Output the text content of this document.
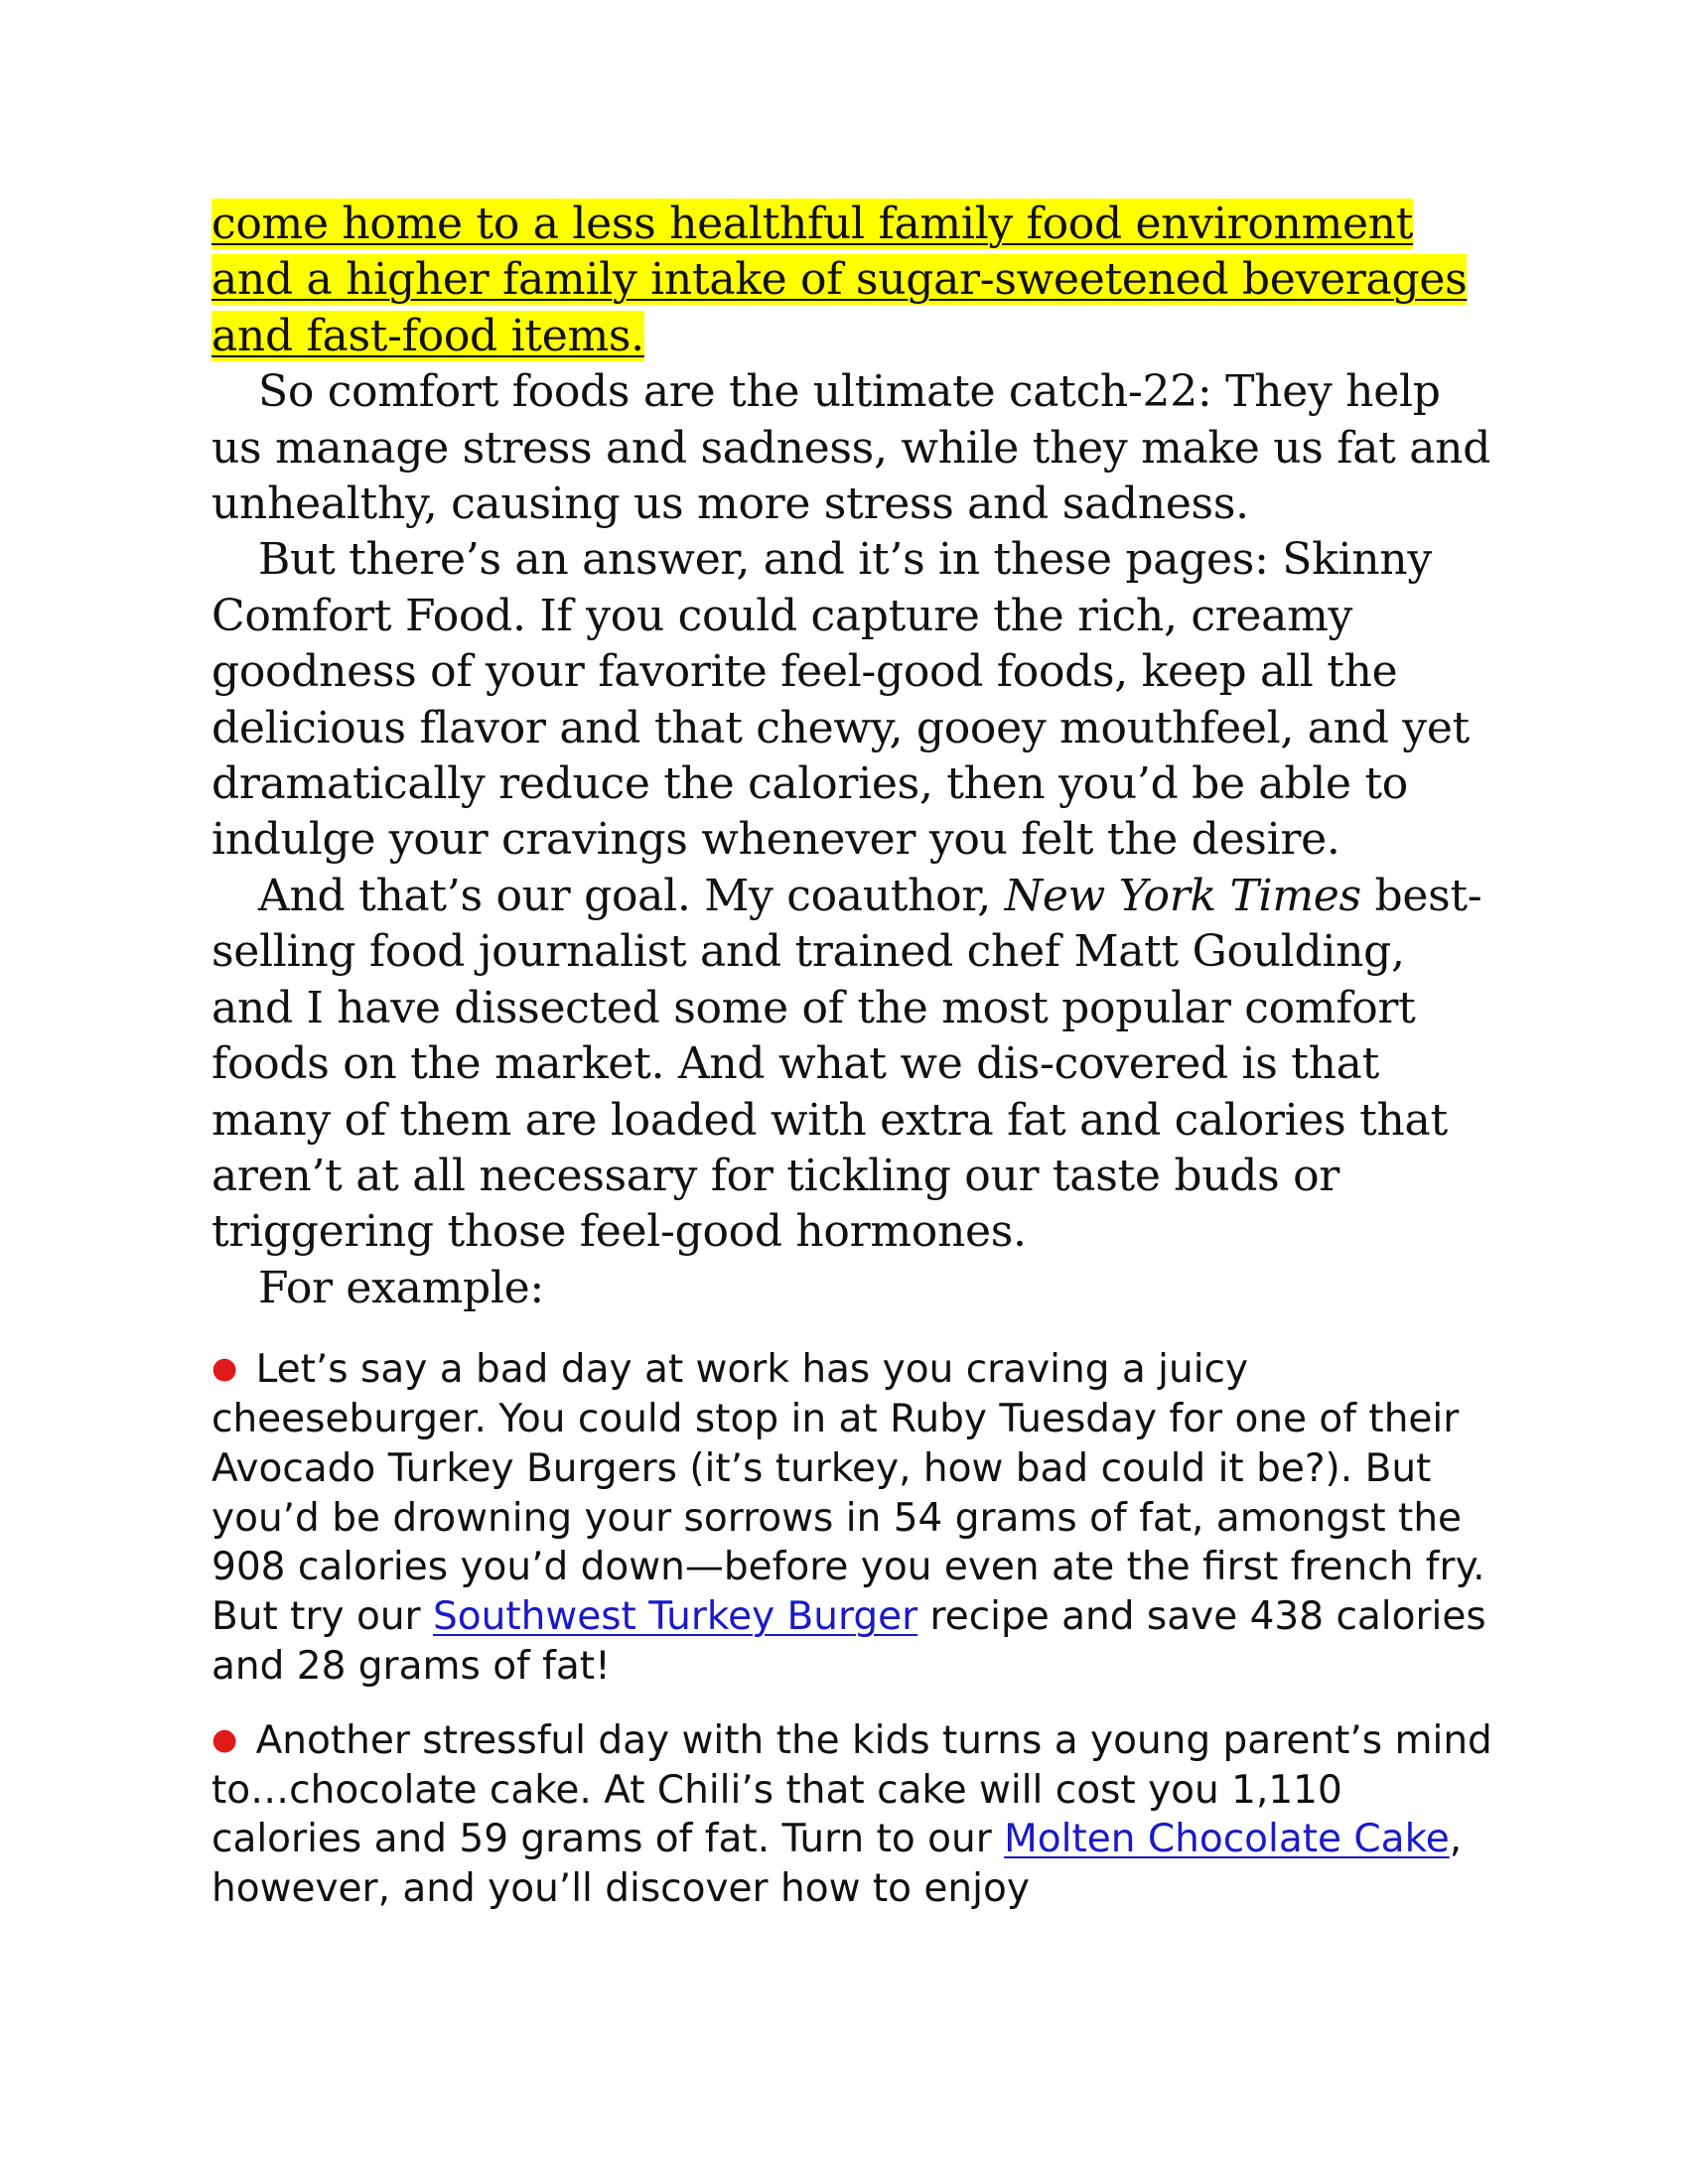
come home to a less healthful family food environment and a higher family intake of sugar-sweetened beverages and fast-food items.

So comfort foods are the ultimate catch-22: They help us manage stress and sadness, while they make us fat and unhealthy, causing us more stress and sadness.

But there’s an answer, and it’s in these pages: Skinny Comfort Food. If you could capture the rich, creamy goodness of your favorite feel-good foods, keep all the delicious flavor and that chewy, gooey mouthfeel, and yet dramatically reduce the calories, then you’d be able to indulge your cravings whenever you felt the desire.

And that’s our goal. My coauthor, New York Times best-selling food journalist and trained chef Matt Goulding, and I have dissected some of the most popular comfort foods on the market. And what we dis-covered is that many of them are loaded with extra fat and calories that aren’t at all necessary for tickling our taste buds or triggering those feel-good hormones.

For example:

● Let’s say a bad day at work has you craving a juicy cheeseburger. You could stop in at Ruby Tuesday for one of their Avocado Turkey Burgers (it’s turkey, how bad could it be?). But you’d be drowning your sorrows in 54 grams of fat, amongst the 908 calories you’d down—before you even ate the first french fry. But try our Southwest Turkey Burger recipe and save 438 calories and 28 grams of fat!

● Another stressful day with the kids turns a young parent’s mind to…chocolate cake. At Chili’s that cake will cost you 1,110 calories and 59 grams of fat. Turn to our Molten Chocolate Cake, however, and you’ll discover how to enjoy
